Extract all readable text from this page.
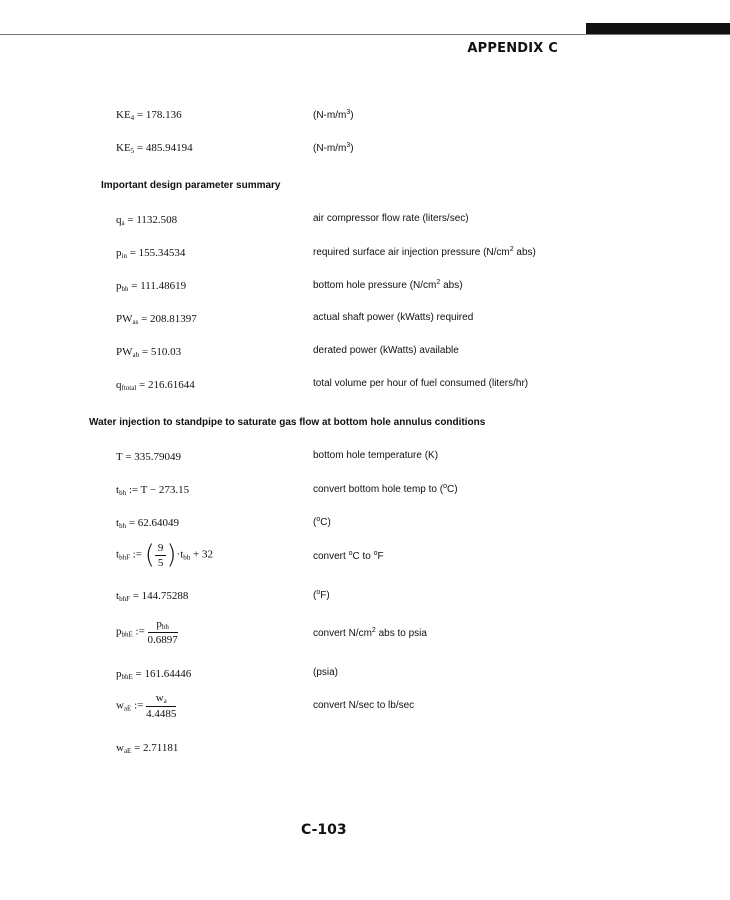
APPENDIX C
$KE_4 = 178.136$	$(N-m/m^3)$
$KE_5 = 485.94194$	$(N-m/m^3)$
Important design parameter summary
$q_a = 1132.508$	air compressor flow rate (liters/sec)
$p_{in} = 155.34534$	required surface air injection pressure ($N/cm^2$ abs)
$p_{bh} = 111.48619$	bottom hole pressure ($N/cm^2$ abs)
$PW_{as} = 208.81397$	actual shaft power (kWatts) required
$PW_{ab} = 510.03$	derated power (kWatts) available
$q_{ftotal} = 216.61644$	total volume per hour of fuel consumed (liters/hr)
Water injection to standpipe to saturate gas flow at bottom hole annulus conditions
T = 335.79049	bottom hole temperature (K)
$t_{bh}$ := T − 273.15	convert bottom hole temp to ($^o$C)
$t_{bh} = 62.64049$	($^o$C)
$t_{bhF}$ := ( $\frac{9}{5} )\cdot t_{bh} + 32$	convert $^o$C to $^o$F
$t_{bhF} = 144.75288$	($^o$F)
$p_{bhE}$ := $\frac{p_{bh}}{0.6897}$	convert $N/cm^2$ abs to psia
$p_{bhE} = 161.64446$	(psia)
$w_{aE}$ := $\frac{w_a}{4.4485}$	convert N/sec to lb/sec
$w_{aE} = 2.71181$
C-103
